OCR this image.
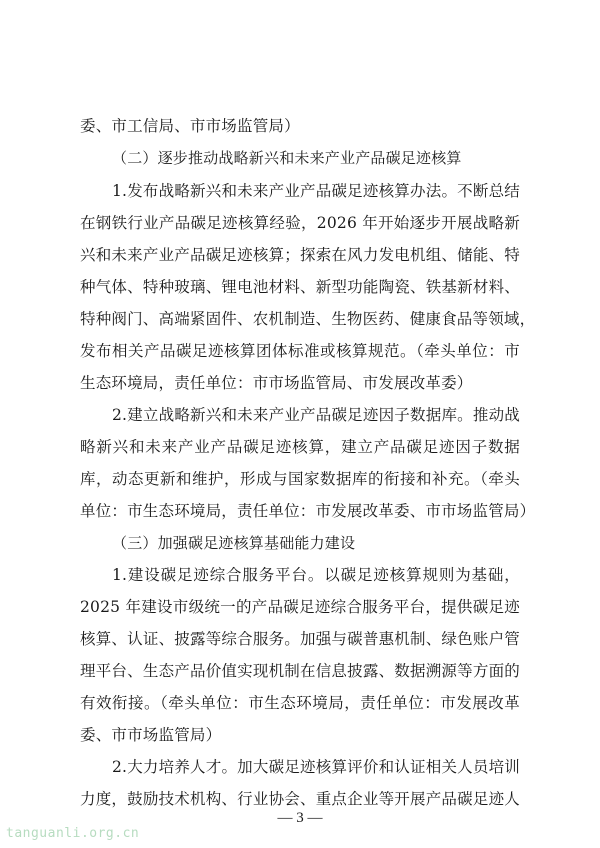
委、市工信局、市市场监管局）
（二）逐步推动战略新兴和未来产业产品碳足迹核算
1.发布战略新兴和未来产业产品碳足迹核算办法。不断总结
在钢铁行业产品碳足迹核算经验，2026 年开始逐步开展战略新
兴和未来产业产品碳足迹核算；探索在风力发电机组、储能、特
种气体、特种玻璃、锂电池材料、新型功能陶瓷、铁基新材料、
特种阀门、高端紧固件、农机制造、生物医药、健康食品等领域，
发布相关产品碳足迹核算团体标准或核算规范。（牵头单位：市
生态环境局，责任单位：市市场监管局、市发展改革委）
2.建立战略新兴和未来产业产品碳足迹因子数据库。推动战
略新兴和未来产业产品碳足迹核算，建立产品碳足迹因子数据
库，动态更新和维护，形成与国家数据库的衔接和补充。（牵头
单位：市生态环境局，责任单位：市发展改革委、市市场监管局）
（三）加强碳足迹核算基础能力建设
1.建设碳足迹综合服务平台。以碳足迹核算规则为基础，
2025 年建设市级统一的产品碳足迹综合服务平台，提供碳足迹
核算、认证、披露等综合服务。加强与碳普惠机制、绿色账户管
理平台、生态产品价值实现机制在信息披露、数据溯源等方面的
有效衔接。（牵头单位：市生态环境局，责任单位：市发展改革
委、市市场监管局）
2.大力培养人才。加大碳足迹核算评价和认证相关人员培训
力度，鼓励技术机构、行业协会、重点企业等开展产品碳足迹人
— 3 —
tanguanli.org.cn
